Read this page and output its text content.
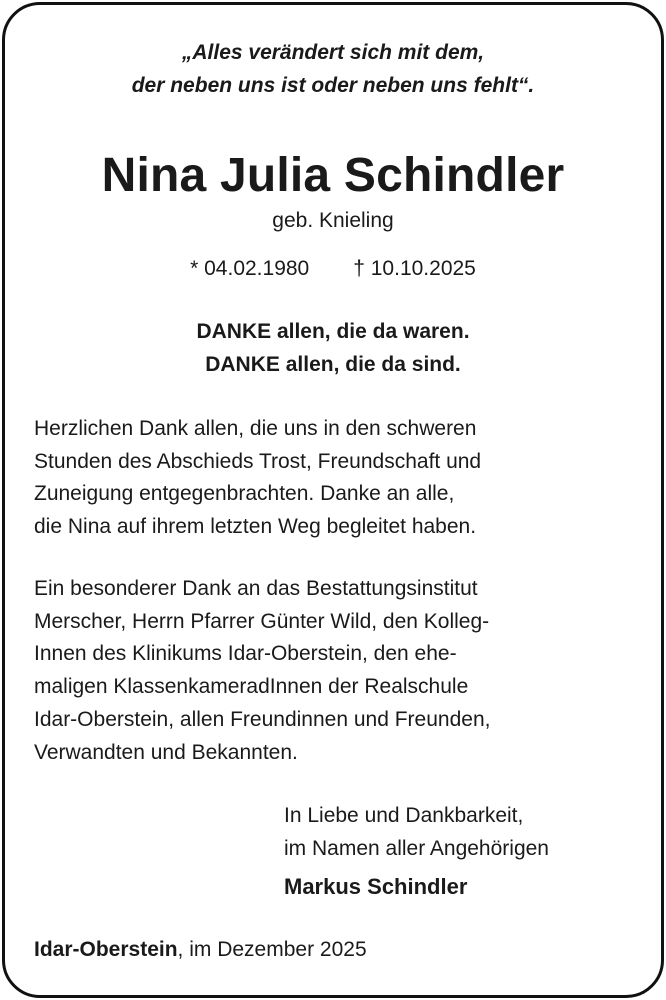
„Alles verändert sich mit dem,
der neben uns ist oder neben uns fehlt“.
Nina Julia Schindler
geb. Knieling
* 04.02.1980 † 10.10.2025
DANKE allen, die da waren.
DANKE allen, die da sind.
Herzlichen Dank allen, die uns in den schweren
Stunden des Abschieds Trost, Freundschaft und
Zuneigung entgegenbrachten. Danke an alle,
die Nina auf ihrem letzten Weg begleitet haben.
Ein besonderer Dank an das Bestattungsinstitut
Merscher, Herrn Pfarrer Günter Wild, den Kolleg-
Innen des Klinikums Idar-Oberstein, den ehe-
maligen KlassenkameradInnen der Realschule
Idar-Oberstein, allen Freundinnen und Freunden,
Verwandten und Bekannten.
In Liebe und Dankbarkeit,
im Namen aller Angehörigen
Markus Schindler
Idar-Oberstein, im Dezember 2025
